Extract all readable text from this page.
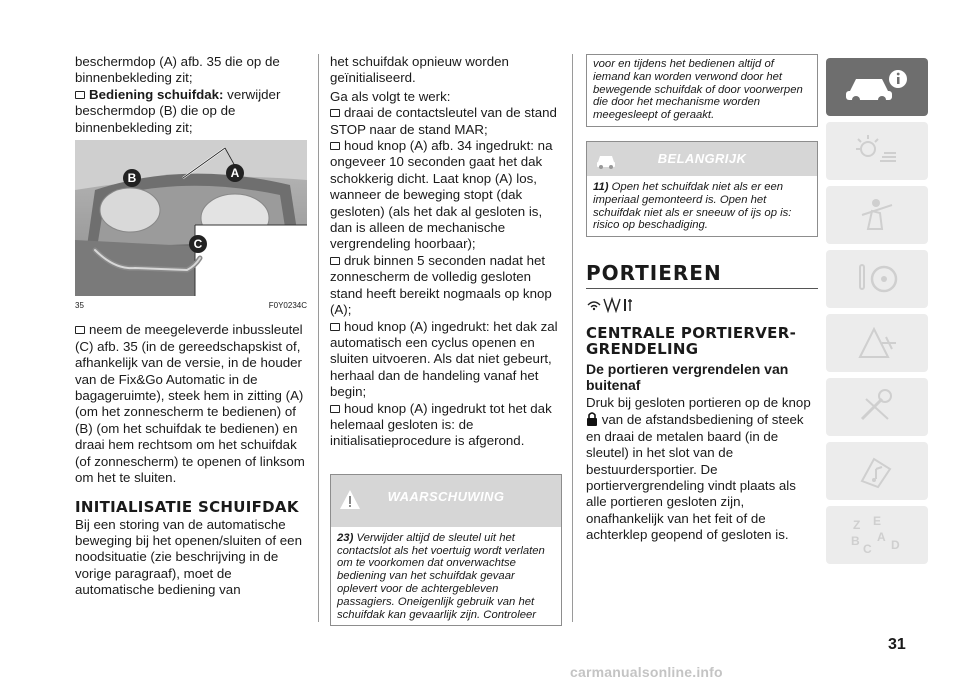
beschermdop (A) afb. 35 die op de binnenbekleding zit;

Bediening schuifdak: verwijder beschermdop (B) die op de binnenbekleding zit;

B	A
C
35	F0Y0234C

neem de meegeleverde inbussleutel (C) afb. 35 (in de gereedschapskist of, afhankelijk van de versie, in de houder van de Fix&Go Automatic in de bagageruimte), steek hem in zitting (A) (om het zonnescherm te bedienen) of (B) (om het schuifdak te bedienen) en draai hem rechtsom om het schuifdak (of zonnescherm) te openen of linksom om het te sluiten.

INITIALISATIE SCHUIFDAK

Bij een storing van de automatische beweging bij het openen/sluiten of een noodsituatie (zie beschrijving in de vorige paragraaf), moet de automatische bediening van

het schuifdak opnieuw worden geïnitialiseerd.

Ga als volgt te werk:

draai de contactsleutel van de stand STOP naar de stand MAR;

houd knop (A) afb. 34 ingedrukt: na ongeveer 10 seconden gaat het dak schokkerig dicht. Laat knop (A) los, wanneer de beweging stopt (dak gesloten) (als het dak al gesloten is, dan is alleen de mechanische vergrendeling hoorbaar);

druk binnen 5 seconden nadat het zonnescherm de volledig gesloten stand heeft bereikt nogmaals op knop (A);

houd knop (A) ingedrukt: het dak zal automatisch een cyclus openen en sluiten uitvoeren. Als dat niet gebeurt, herhaal dan de handeling vanaf het begin;

houd knop (A) ingedrukt tot het dak helemaal gesloten is: de initialisatieprocedure is afgerond.

WAARSCHUWING
23) Verwijder altijd de sleutel uit het contactslot als het voertuig wordt verlaten om te voorkomen dat onverwachtse bediening van het schuifdak gevaar oplevert voor de achtergebleven passagiers. Oneigenlijk gebruik van het schuifdak kan gevaarlijk zijn. Controleer
voor en tijdens het bedienen altijd of iemand kan worden verwond door het bewegende schuifdak of door voorwerpen die door het mechanisme worden meegesleept of geraakt.
BELANGRIJK
11) Open het schuifdak niet als er een imperiaal gemonteerd is. Open het schuifdak niet als er sneeuw of ijs op is: risico op beschadiging.
PORTIEREN
CENTRALE PORTIERVER-GRENDELING
De portieren vergrendelen van buitenaf

Druk bij gesloten portieren op de knop  van de afstandsbediening of steek en draai de metalen baard (in de sleutel) in het slot van de bestuurdersportier. De portiervergrendeling vindt plaats als alle portieren gesloten zijn, onafhankelijk van het feit of de achterklep geopend of gesloten is.

Z E
B A
C D
31
carmanualsonline.info
